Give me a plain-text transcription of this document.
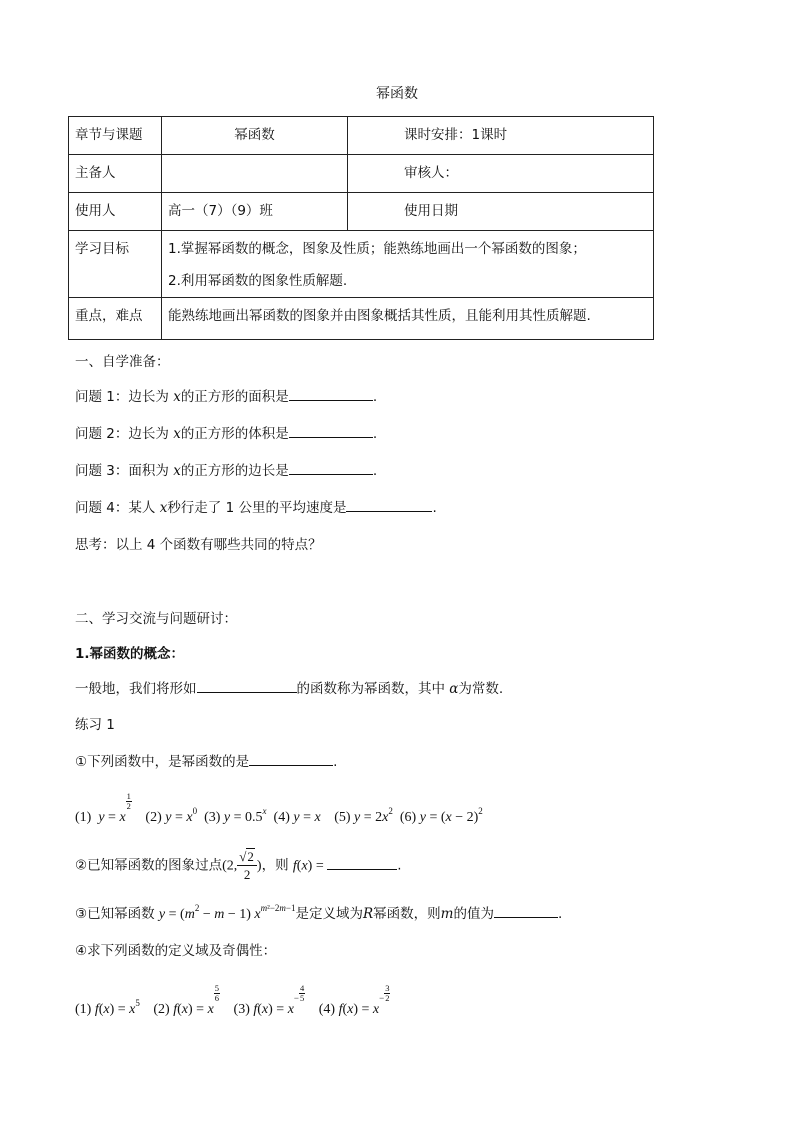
幂函数
章节与课题	幂函数	课时安排：1课时

主备人		审核人：

使用人	高一（7）（9）班	使用日期

学习目标	1.掌握幂函数的概念，图象及性质；能熟练地画出一个幂函数的图象；
2.利用幂函数的图象性质解题.	

重点，难点	能熟练地画出幂函数的图象并由图象概括其性质，且能利用其性质解题.	
一、自学准备：
问题 1：边长为 x的正方形的面积是	.
问题 2：边长为 x的正方形的体积是	.
问题 3：面积为 x的正方形的边长是	.
问题 4：某人 x秒行走了 1 公里的平均速度是	.
思考：以上 4 个函数有哪些共同的特点？
二、学习交流与问题研讨：
1.幂函数的概念：
一般地，我们将形如	的函数称为幂函数，其中 α为常数.
练习 1
①下列函数中，是幂函数的是	.
(1)  y = x
$\frac{1}{2}$
(2) $y = x^0$  (3) $y = 0.5^x$  (4) y = x (5) $y = 2x^2$  (6) $y = (x - 2)^2$
②已知幂函数的图象过点(2, $\frac{√2}{2}$ )，则 f(x) =	.
③已知幂函数 $y = (m^2 - m - 1)$ $x^{m^2-2m-1}$是定义域为R幂函数，则m的值为	.
④求下列函数的定义域及奇偶性：
(1) $f(x) = x^5$ (2) f(x) = x
$\frac{5}{6}$
(3) $f(x) = x^- \frac{4}{5}$
(4) $f(x) = x^- \frac{3}{2}$
